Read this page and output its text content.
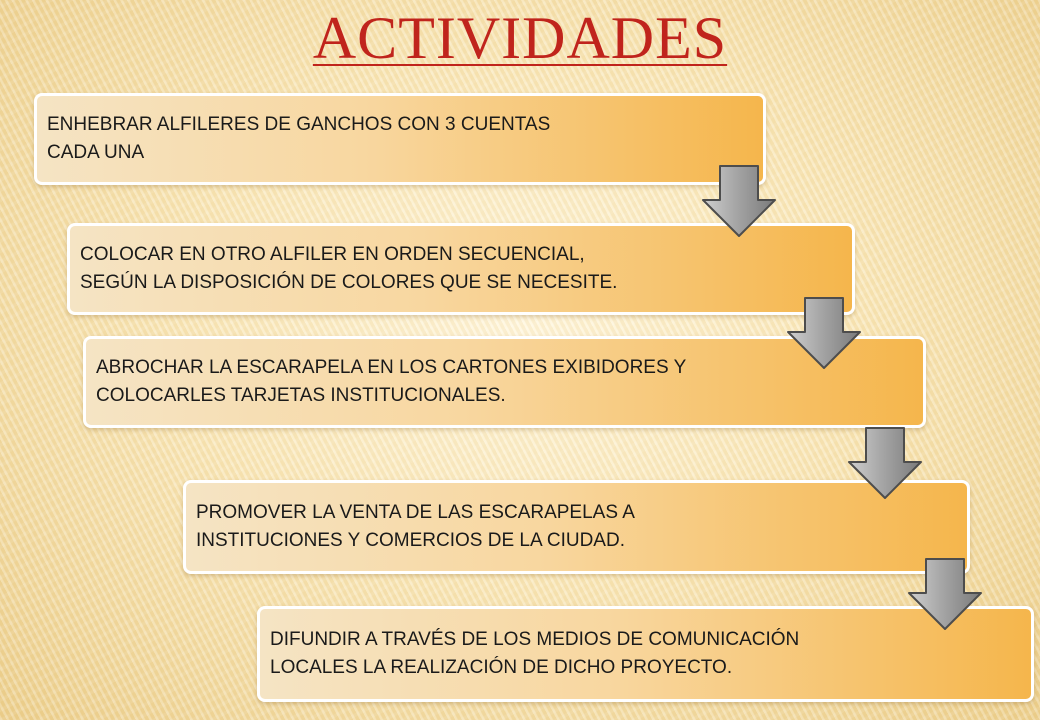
ACTIVIDADES
ENHEBRAR ALFILERES DE GANCHOS CON 3 CUENTAS
CADA UNA
COLOCAR EN OTRO ALFILER EN ORDEN SECUENCIAL,
SEGÚN LA DISPOSICIÓN DE COLORES QUE SE NECESITE.
ABROCHAR LA ESCARAPELA EN LOS CARTONES EXIBIDORES Y
COLOCARLES TARJETAS INSTITUCIONALES.
PROMOVER LA VENTA DE LAS ESCARAPELAS A
INSTITUCIONES Y COMERCIOS DE LA CIUDAD.
DIFUNDIR A TRAVÉS DE LOS MEDIOS DE COMUNICACIÓN
LOCALES LA REALIZACIÓN DE DICHO PROYECTO.
